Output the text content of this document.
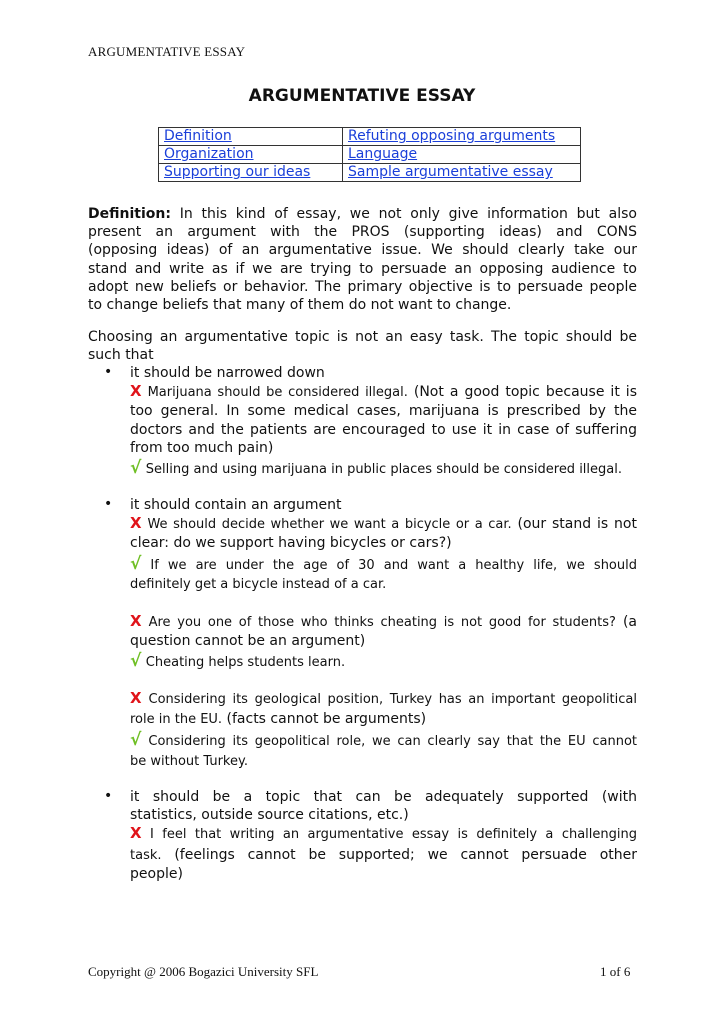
ARGUMENTATIVE ESSAY
ARGUMENTATIVE ESSAY
Definition	Refuting opposing arguments
Organization	Language
Supporting our ideas	Sample argumentative essay
Definition: In this kind of essay, we not only give information but also
present an argument with the PROS (supporting ideas) and CONS
(opposing ideas) of an argumentative issue. We should clearly take our
stand and write as if we are trying to persuade an opposing audience to
adopt new beliefs or behavior. The primary objective is to persuade people
to change beliefs that many of them do not want to change.
Choosing an argumentative topic is not an easy task. The topic should be
such that
• it should be narrowed down
X Marijuana should be considered illegal. (Not a good topic because it is
too general. In some medical cases, marijuana is prescribed by the
doctors and the patients are encouraged to use it in case of suffering
from too much pain)
√ Selling and using marijuana in public places should be considered illegal.
• it should contain an argument
X We should decide whether we want a bicycle or a car. (our stand is not
clear: do we support having bicycles or cars?)
√ If we are under the age of 30 and want a healthy life, we should
definitely get a bicycle instead of a car.
X Are you one of those who thinks cheating is not good for students? (a
question cannot be an argument)
√ Cheating helps students learn.
X Considering its geological position, Turkey has an important geopolitical
role in the EU. (facts cannot be arguments)
√ Considering its geopolitical role, we can clearly say that the EU cannot
be without Turkey.
• it should be a topic that can be adequately supported (with
statistics, outside source citations, etc.)
X I feel that writing an argumentative essay is definitely a challenging
task. (feelings cannot be supported; we cannot persuade other
people)
Copyright @ 2006 Bogazici University SFL	1 of 6
